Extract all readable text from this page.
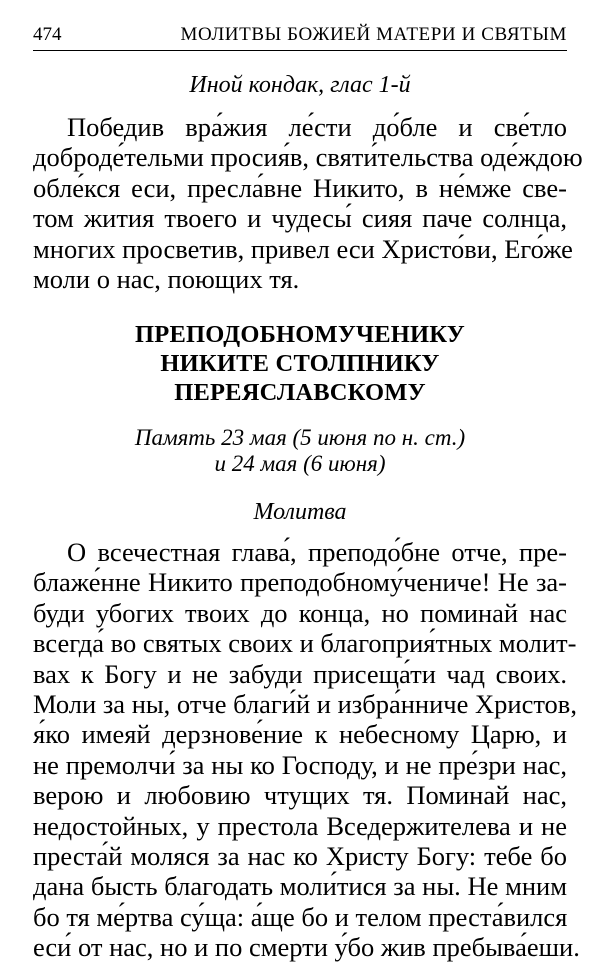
474	МОЛИТВЫ БОЖИЕЙ МАТЕРИ И СВЯТЫМ
Иной кондак, глас 1-й
Победив вра́жия ле́сти до́бле и све́тло
доброде́тельми просия́в, святи́тельства оде́ждою
обле́кся еси, пресла́вне Никито, в не́мже све-
том жития твоего и чудесы́ сияя паче солнца,
многих просветив, привел еси Христо́ви, Его́же
моли о нас, поющих тя.
ПРЕПОДОБНОМУЧЕНИКУ
НИКИТЕ СТОЛПНИКУ
ПЕРЕЯСЛАВСКОМУ
Память 23 мая (5 июня по н. ст.)
и 24 мая (6 июня)
Молитва
О всечестная глава́, преподо́бне отче, пре-
блаже́нне Никито преподобному́чениче! Не за-
буди убогих твоих до конца, но поминай нас
всегда́ во святых своих и благоприя́тных молит-
вах к Богу и не забуди присеща́ти чад своих.
Моли за ны, отче благи́й и избра́нниче Христов,
я́ко имеяй дерзнове́ние к небесному Царю, и
не премолчи́ за ны ко Господу, и не пре́зри нас,
верою и любовию чтущих тя. Поминай нас,
недостойных, у престола Вседержителева и не
преста́й моляся за нас ко Христу Богу: тебе бо
дана бысть благодать моли́тися за ны. Не мним
бо тя ме́ртва су́ща: а́ще бо и телом преста́вился
еси́ от нас, но и по смерти у́бо жив пребыва́еши.
